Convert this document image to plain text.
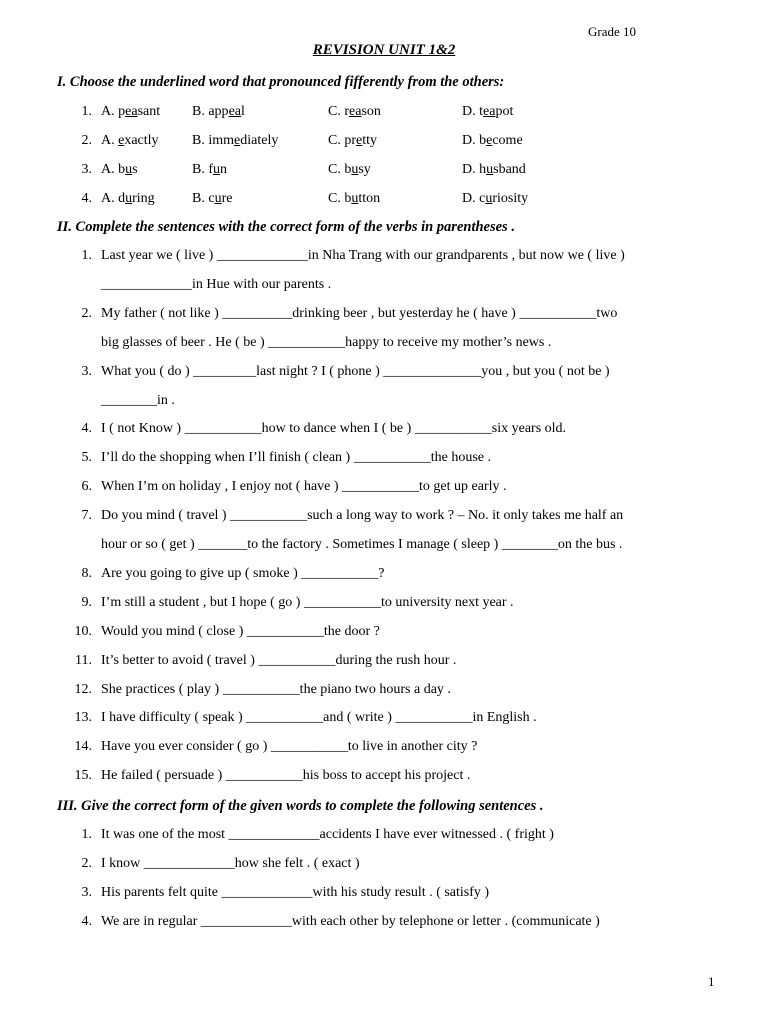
Grade 10
REVISION UNIT 1&2
I. Choose the underlined word that pronounced fifferently from the others:
1. A. peasant B. appeal	C. reason	D. teapot
2. A. exactly B. immediately	C. pretty	D. become
3. A. bus	B. fun	C. busy	D. husband
4. A. during	B. cure	C. button	D. curiosity
II. Complete the sentences with the correct form of the verbs in parentheses .
1. Last year we ( live ) _____________in Nha Trang with our grandparents , but now we ( live )
_____________in Hue with our parents .
2. My father ( not like ) __________drinking beer , but yesterday he ( have ) ___________two
big glasses of beer . He ( be ) ___________happy to receive my mother’s news .
3. What you ( do ) _________last night ? I ( phone ) ______________you , but you ( not be )
________in .
4. I ( not Know ) ___________how to dance when I ( be ) ___________six years old.
5. I’ll do the shopping when I’ll finish ( clean ) ___________the house .
6. When I’m on holiday , I enjoy not ( have ) ___________to get up early .
7. Do you mind ( travel ) ___________such a long way to work ? – No. it only takes me half an
hour or so ( get ) _______to the factory . Sometimes I manage ( sleep ) ________on the bus .
8. Are you going to give up ( smoke ) ___________?
9. I’m still a student , but I hope ( go ) ___________to university next year .
10. Would you mind ( close ) ___________the door ?
11. It’s better to avoid ( travel ) ___________during the rush hour .
12. She practices ( play ) ___________the piano two hours a day .
13. I have difficulty ( speak ) ___________and ( write ) ___________in English .
14. Have you ever consider ( go ) ___________to live in another city ?
15. He failed ( persuade ) ___________his boss to accept his project .
III. Give the correct form of the given words to complete the following sentences .
1. It was one of the most _____________accidents I have ever witnessed . ( fright )
2. I know _____________how she felt . ( exact )
3. His parents felt quite _____________with his study result . ( satisfy )
4. We are in regular _____________with each other by telephone or letter . (communicate )
1
